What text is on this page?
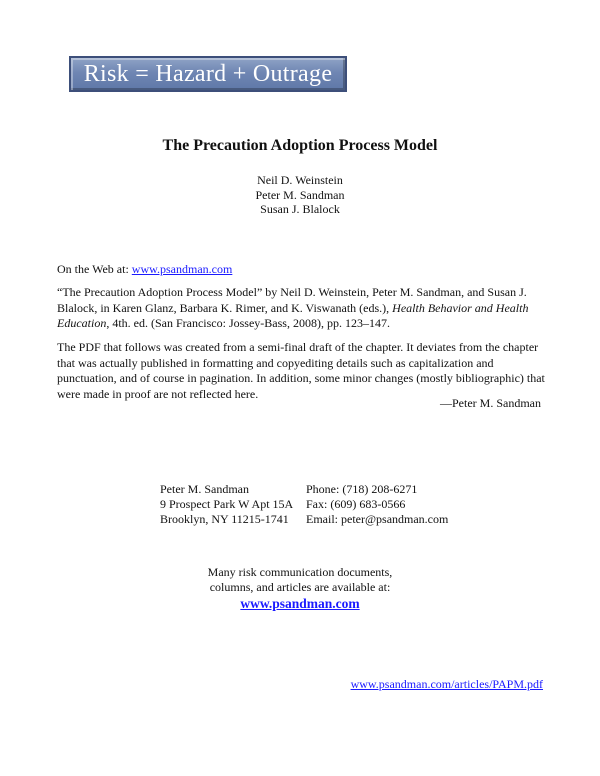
Risk = Hazard + Outrage
The Precaution Adoption Process Model
Neil D. Weinstein
Peter M. Sandman
Susan J. Blalock
On the Web at: www.psandman.com
“The Precaution Adoption Process Model” by Neil D. Weinstein, Peter M. Sandman, and Susan J. Blalock, in Karen Glanz, Barbara K. Rimer, and K. Viswanath (eds.), Health Behavior and Health Education, 4th. ed. (San Francisco: Jossey-Bass, 2008), pp. 123–147.
The PDF that follows was created from a semi-final draft of the chapter. It deviates from the chapter that was actually published in formatting and copyediting details such as capitalization and punctuation, and of course in pagination. In addition, some minor changes (mostly bibliographic) that were made in proof are not reflected here.
—Peter M. Sandman
Peter M. Sandman
9 Prospect Park W Apt 15A
Brooklyn, NY 11215-1741
Phone: (718) 208-6271
Fax: (609) 683-0566
Email: peter@psandman.com
Many risk communication documents,
columns, and articles are available at:
www.psandman.com
www.psandman.com/articles/PAPM.pdf
